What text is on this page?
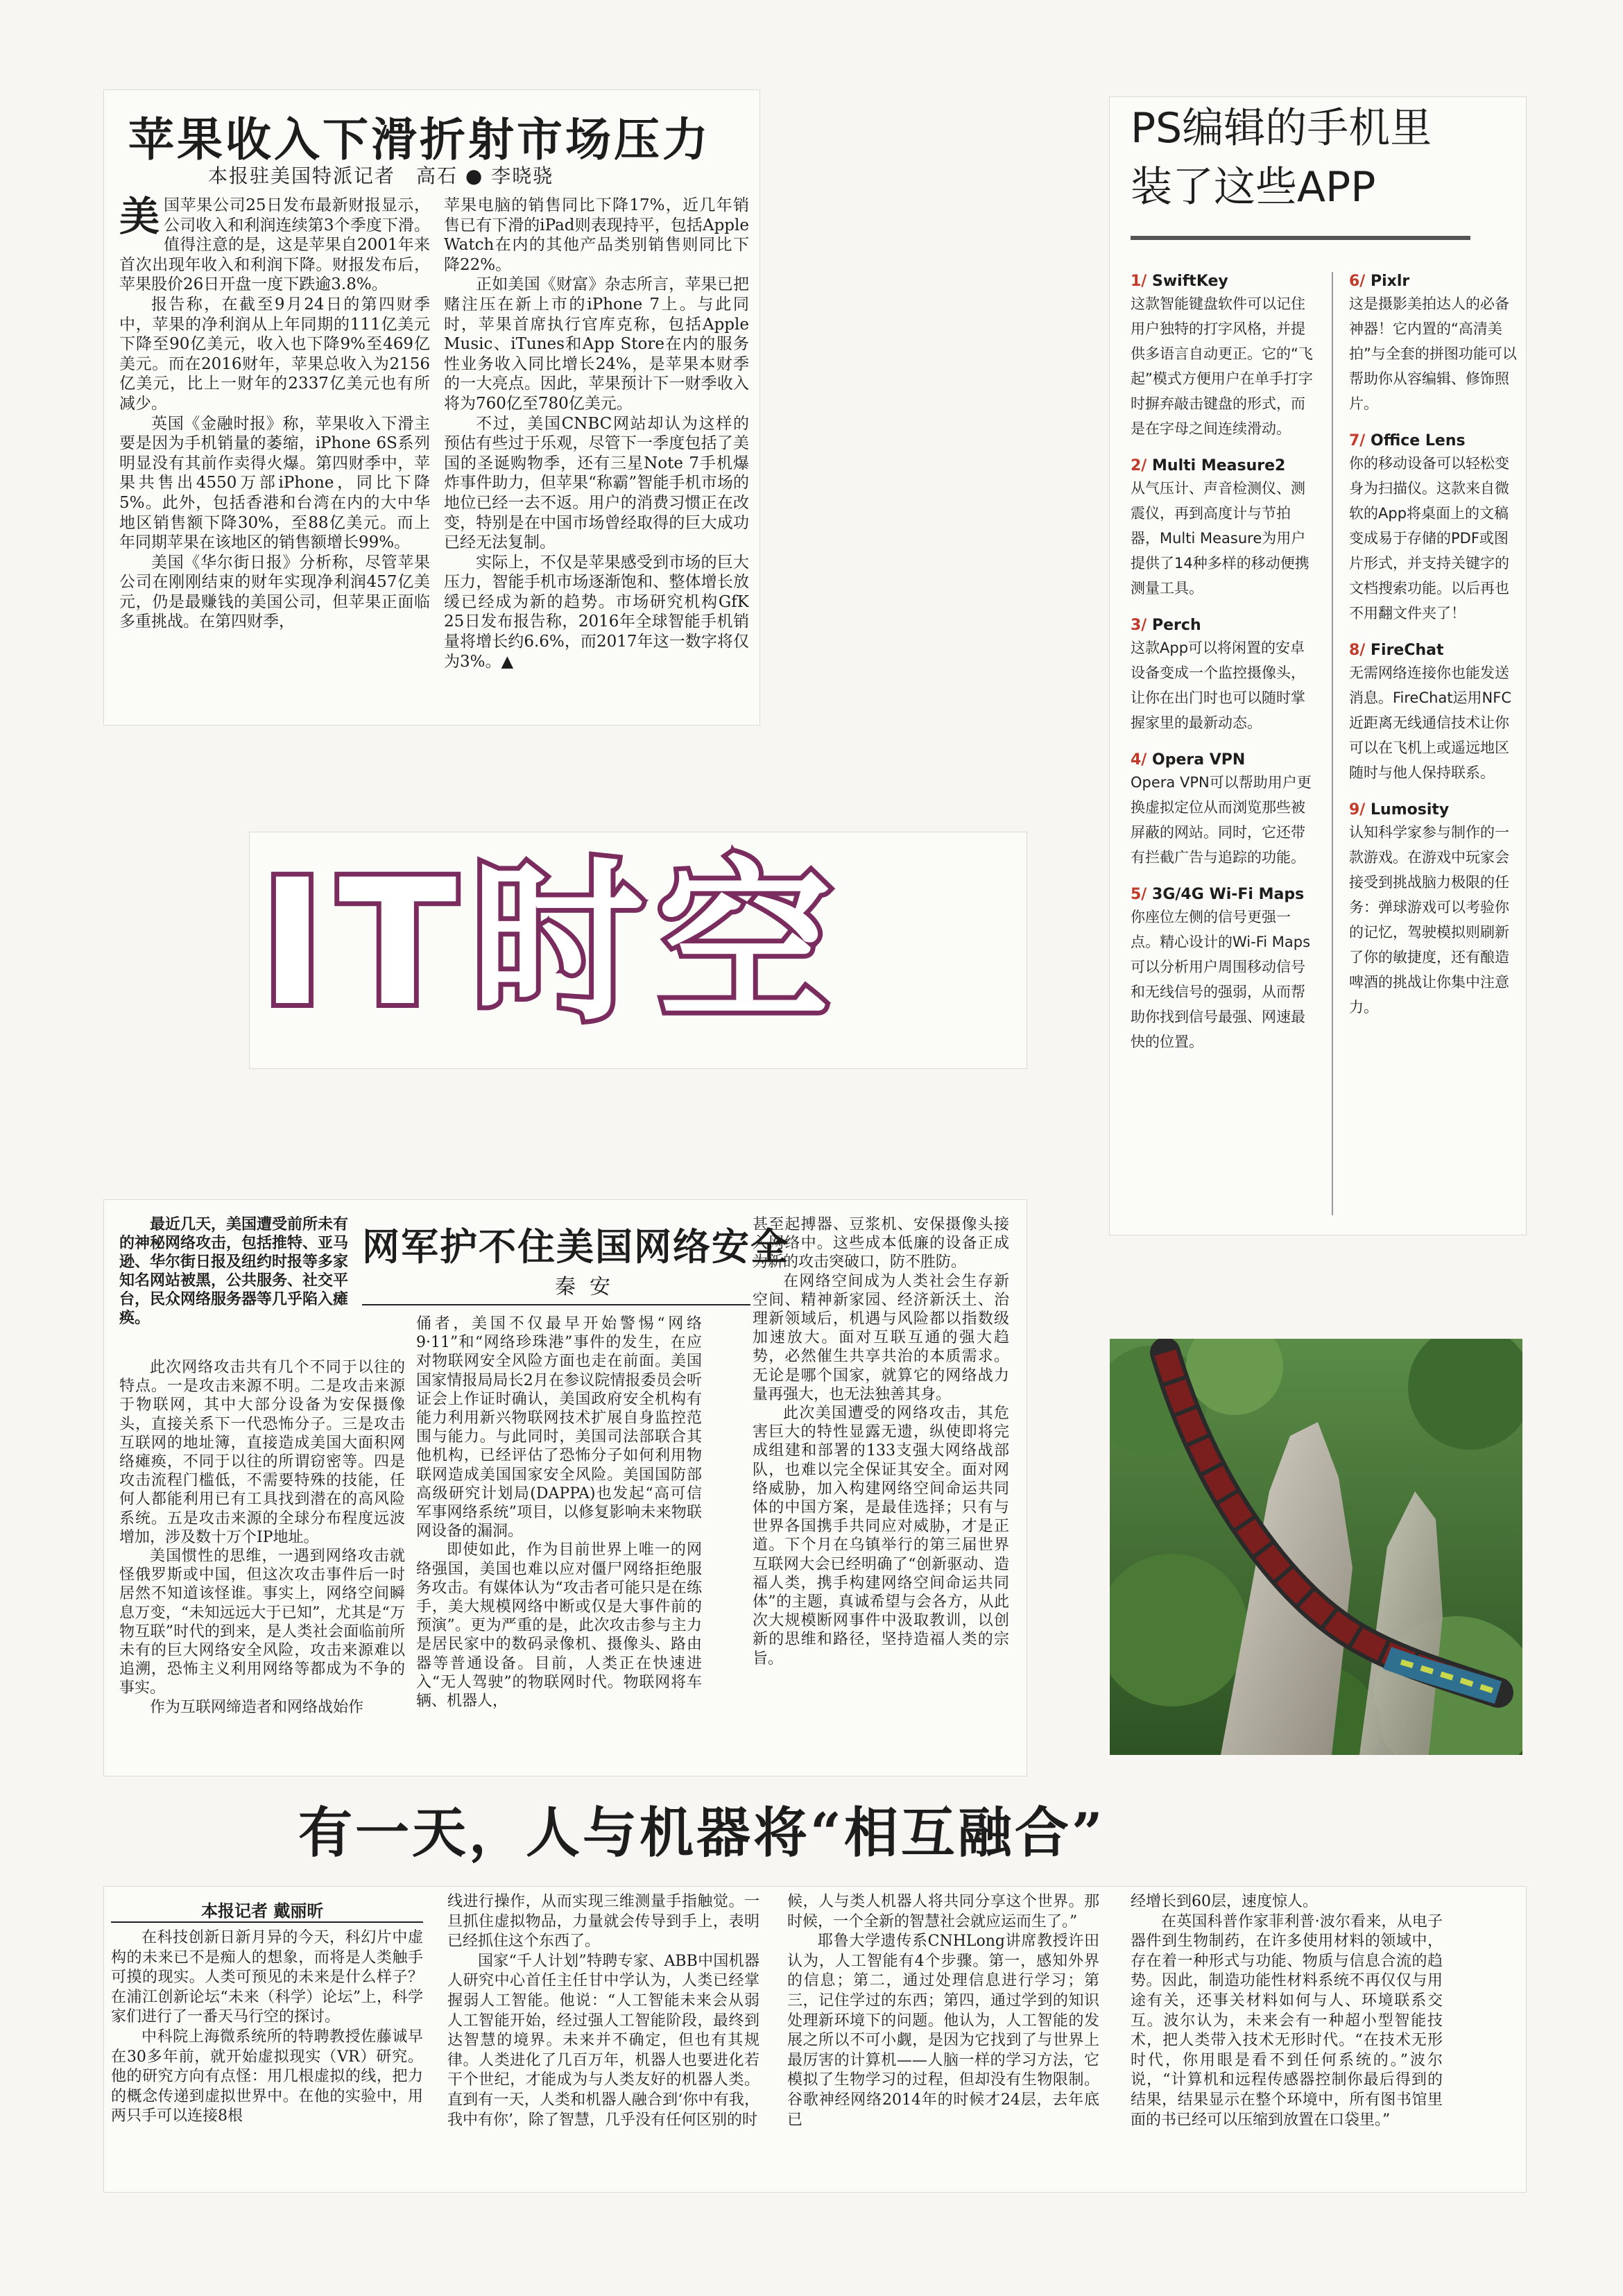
苹果收入下滑折射市场压力
本报驻美国特派记者　高石 ● 李晓骁
美 国苹果公司25日发布最新财报显示，公司收入和利润连续第3个季度下滑。值得注意的是，这是苹果自2001年来首次出现年收入和利润下降。财报发布后，苹果股价26日开盘一度下跌逾3.8%。

报告称，在截至9月24日的第四财季中，苹果的净利润从上年同期的111亿美元下降至90亿美元，收入也下降9%至469亿美元。而在2016财年，苹果总收入为2156亿美元，比上一财年的2337亿美元也有所减少。

英国《金融时报》称，苹果收入下滑主要是因为手机销量的萎缩，iPhone 6S系列明显没有其前作卖得火爆。第四财季中，苹果共售出4550万部iPhone，同比下降5%。此外，包括香港和台湾在内的大中华地区销售额下降30%，至88亿美元。而上年同期苹果在该地区的销售额增长99%。

美国《华尔街日报》分析称，尽管苹果公司在刚刚结束的财年实现净利润457亿美元，仍是最赚钱的美国公司，但苹果正面临多重挑战。在第四财季，

苹果电脑的销售同比下降17%，近几年销售已有下滑的iPad则表现持平，包括Apple Watch在内的其他产品类别销售则同比下降22%。

正如美国《财富》杂志所言，苹果已把赌注压在新上市的iPhone 7上。与此同时，苹果首席执行官库克称，包括Apple Music、iTunes和App Store在内的服务性业务收入同比增长24%，是苹果本财季的一大亮点。因此，苹果预计下一财季收入将为760亿至780亿美元。

不过，美国CNBC网站却认为这样的预估有些过于乐观，尽管下一季度包括了美国的圣诞购物季，还有三星Note 7手机爆炸事件助力，但苹果“称霸”智能手机市场的地位已经一去不返。用户的消费习惯正在改变，特别是在中国市场曾经取得的巨大成功已经无法复制。

实际上，不仅是苹果感受到市场的巨大压力，智能手机市场逐渐饱和、整体增长放缓已经成为新的趋势。市场研究机构GfK 25日发布报告称，2016年全球智能手机销量将增长约6.6%，而2017年这一数字将仅为3%。▲

PS编辑的手机里
装了这些APP
1/ SwiftKey
这款智能键盘软件可以记住用户独特的打字风格，并提供多语言自动更正。它的“飞起”模式方便用户在单手打字时摒弃敲击键盘的形式，而是在字母之间连续滑动。
2/ Multi Measure2
从气压计、声音检测仪、测震仪，再到高度计与节拍器，Multi Measure为用户提供了14种多样的移动便携测量工具。
3/ Perch
这款App可以将闲置的安卓设备变成一个监控摄像头，让你在出门时也可以随时掌握家里的最新动态。
4/ Opera VPN
Opera VPN可以帮助用户更换虚拟定位从而浏览那些被屏蔽的网站。同时，它还带有拦截广告与追踪的功能。
5/ 3G/4G Wi-Fi Maps
你座位左侧的信号更强一点。精心设计的Wi-Fi Maps可以分析用户周围移动信号和无线信号的强弱，从而帮助你找到信号最强、网速最快的位置。
6/ Pixlr
这是摄影美拍达人的必备神器！它内置的“高清美拍”与全套的拼图功能可以帮助你从容编辑、修饰照片。
7/ Office Lens
你的移动设备可以轻松变身为扫描仪。这款来自微软的App将桌面上的文稿变成易于存储的PDF或图片形式，并支持关键字的文档搜索功能。以后再也不用翻文件夹了！
8/ FireChat
无需网络连接你也能发送消息。FireChat运用NFC近距离无线通信技术让你可以在飞机上或遥远地区随时与他人保持联系。
9/ Lumosity
认知科学家参与制作的一款游戏。在游戏中玩家会接受到挑战脑力极限的任务：弹球游戏可以考验你的记忆，驾驶模拟则刷新了你的敏捷度，还有酿造啤酒的挑战让你集中注意力。
IT时空

最近几天，美国遭受前所未有的神秘网络攻击，包括推特、亚马逊、华尔街日报及纽约时报等多家知名网站被黑，公共服务、社交平台，民众网络服务器等几乎陷入瘫痪。

网军护不住美国网络安全
秦安

此次网络攻击共有几个不同于以往的特点。一是攻击来源不明。二是攻击来源于物联网，其中大部分设备为安保摄像头，直接关系下一代恐怖分子。三是攻击互联网的地址簿，直接造成美国大面积网络瘫痪，不同于以往的所谓窃密等。四是攻击流程门槛低，不需要特殊的技能，任何人都能利用已有工具找到潜在的高风险系统。五是攻击来源的全球分布程度远波增加，涉及数十万个IP地址。

美国惯性的思维，一遇到网络攻击就怪俄罗斯或中国，但这次攻击事件后一时居然不知道该怪谁。事实上，网络空间瞬息万变，“未知远远大于已知”，尤其是“万物互联”时代的到来，是人类社会面临前所未有的巨大网络安全风险，攻击来源难以追溯，恐怖主义利用网络等都成为不争的事实。

作为互联网缔造者和网络战始作

俑者，美国不仅最早开始警惕“网络9·11”和“网络珍珠港”事件的发生，在应对物联网安全风险方面也走在前面。美国国家情报局局长2月在参议院情报委员会听证会上作证时确认，美国政府安全机构有能力利用新兴物联网技术扩展自身监控范围与能力。与此同时，美国司法部联合其他机构，已经评估了恐怖分子如何利用物联网造成美国国家安全风险。美国国防部高级研究计划局(DAPPA)也发起“高可信军事网络系统”项目，以修复影响未来物联网设备的漏洞。

即使如此，作为目前世界上唯一的网络强国，美国也难以应对僵尸网络拒绝服务攻击。有媒体认为“攻击者可能只是在练手，美大规模网络中断或仅是大事件前的预演”。更为严重的是，此次攻击参与主力是居民家中的数码录像机、摄像头、路由器等普通设备。目前，人类正在快速进入“无人驾驶”的物联网时代。物联网将车辆、机器人，

甚至起搏器、豆浆机、安保摄像头接入网络中。这些成本低廉的设备正成为新的攻击突破口，防不胜防。

在网络空间成为人类社会生存新空间、精神新家园、经济新沃土、治理新领域后，机遇与风险都以指数级加速放大。面对互联互通的强大趋势，必然催生共享共治的本质需求。无论是哪个国家，就算它的网络战力量再强大，也无法独善其身。

此次美国遭受的网络攻击，其危害巨大的特性显露无遗，纵使即将完成组建和部署的133支强大网络战部队，也难以完全保证其安全。面对网络威胁，加入构建网络空间命运共同体的中国方案，是最佳选择；只有与世界各国携手共同应对威胁，才是正道。下个月在乌镇举行的第三届世界互联网大会已经明确了“创新驱动、造福人类，携手构建网络空间命运共同体”的主题，真诚希望与会各方，从此次大规模断网事件中汲取教训，以创新的思维和路径，坚持造福人类的宗旨。

有一天，人与机器将“相互融合”
本报记者 戴丽昕

在科技创新日新月异的今天，科幻片中虚构的未来已不是痴人的想象，而将是人类触手可摸的现实。人类可预见的未来是什么样子？在浦江创新论坛“未来（科学）论坛”上，科学家们进行了一番天马行空的探讨。

中科院上海微系统所的特聘教授佐藤诚早在30多年前，就开始虚拟现实（VR）研究。他的研究方向有点怪：用几根虚拟的线，把力的概念传递到虚拟世界中。在他的实验中，用两只手可以连接8根

线进行操作，从而实现三维测量手指触觉。一旦抓住虚拟物品，力量就会传导到手上，表明已经抓住这个东西了。

国家“千人计划”特聘专家、ABB中国机器人研究中心首任主任甘中学认为，人类已经掌握弱人工智能。他说：“人工智能未来会从弱人工智能开始，经过强人工智能阶段，最终到达智慧的境界。未来并不确定，但也有其规律。人类进化了几百万年，机器人也要进化若干个世纪，才能成为与人类友好的机器人类。直到有一天，人类和机器人融合到‘你中有我，我中有你’，除了智慧，几乎没有任何区别的时

候，人与类人机器人将共同分享这个世界。那时候，一个全新的智慧社会就应运而生了。”

耶鲁大学遗传系CNHLong讲席教授许田认为，人工智能有4个步骤。第一，感知外界的信息；第二，通过处理信息进行学习；第三，记住学过的东西；第四，通过学到的知识处理新环境下的问题。他认为，人工智能的发展之所以不可小觑，是因为它找到了与世界上最厉害的计算机——人脑一样的学习方法，它模拟了生物学习的过程，但却没有生物限制。谷歌神经网络2014年的时候才24层，去年底已

经增长到60层，速度惊人。

在英国科普作家菲利普·波尔看来，从电子器件到生物制药，在许多使用材料的领域中，存在着一种形式与功能、物质与信息合流的趋势。因此，制造功能性材料系统不再仅仅与用途有关，还事关材料如何与人、环境联系交互。波尔认为，未来会有一种超小型智能技术，把人类带入技术无形时代。“在技术无形时代，你用眼是看不到任何系统的。”波尔说，“计算机和远程传感器控制你最后得到的结果，结果显示在整个环境中，所有图书馆里面的书已经可以压缩到放置在口袋里。”
